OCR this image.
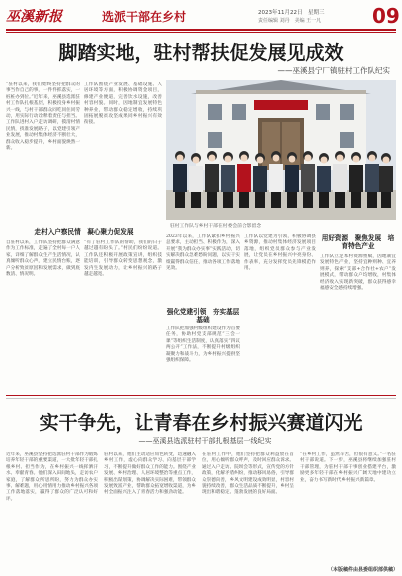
巫溪新报	选派干部在乡村	2023年11月22日　星期三
责任编辑 刘丹　美编 王一凡	09
脚踏实地，驻村帮扶促发展见成效
——巫溪县宁厂镇驻村工作队纪实
驻村工作队与乡村干部在村委会前合影留念
“驻村以来，我们始终坚持把群众的事当作自己的事，一件件抓落实，一桩桩办到位。”近年来，巫溪县选派驻村工作队扎根基层，积极投身乡村振兴一线，与村干部群众同吃同住同劳动，用实际行动诠释着责任与担当。工作队进村入户走访调研，摸清村情民情，找准发展路子，以党建引领产业发展，推动村集体经济不断壮大，群众收入稳步提升，乡村面貌焕然一新。
工作队围绕产业发展、基础设施、人居环境等方面，积极协调资金项目，修建产业便道，完善饮水设施，改善村容村貌。同时，因地制宜发展特色种养业，带动群众稳定增收，持续巩固拓展脱贫攻坚成果同乡村振兴有效衔接。
走村入户察民情　凝心聚力促发展
自驻村以来，工作队坚持把群众满意作为工作标准，走遍了全村每一户人家，详细了解群众生产生活情况，认真倾听群众心声，建立民情台账，逐户分析致贫原因和发展需求，做到底数清、情况明。
“有了驻村工作队的帮助，我们的日子越过越有盼头了。”村民们纷纷说道。工作队还积极开展政策宣讲，组织技能培训，引导群众转变思想观念，激发内生发展动力，让乡村振兴的路子越走越宽。
2023年以来，工作队紧扣乡村振兴总要求，主动担当、积极作为，深入开展“我为群众办实事”实践活动，切实解决群众急难愁盼问题，以实干实绩赢得群众信任，推动各项工作落地见效。
强化党建引领　夯实基层基础
工作队把加强村级组织建设作为首要任务，协助村党支部规范“三会一课”等组织生活制度，认真落实“四议两公开”工作法，不断提升村级组织凝聚力和战斗力，为乡村振兴提供坚强组织保障。
工作队以党建为引领，积极协调县乡资源，推动村集体经济发展项目落地，组织党员群众参与产业发展，让党员在乡村振兴中亮身份、作表率，充分发挥党员先锋模范作用。
用好资源　聚焦发展　培育特色产业
工作队立足本村资源禀赋，因地制宜发展特色产业，坚持宜种则种、宜养则养，探索“支部+合作社+农户”发展模式，带动群众户均增收，村集体经济收入实现新突破，群众获得感幸福感安全感持续增强。
实干争先，让青春在乡村振兴赛道闪光
——巫溪县选派驻村干部扎根基层一线纪实
近年来，巫溪县坚持把选派驻村干部作为锻炼培养年轻干部的重要渠道，一大批年轻干部扎根乡村、担当作为，在乡村振兴一线挥洒汗水、奉献青春。他们深入田间地头，走访农户家庭，了解群众所思所盼，努力为群众办实事、解难题，用心用情用力推动乡村振兴各项工作落地落实，赢得了群众的广泛认可和好评。
驻村以来，他们主动适应角色转变，迅速融入乡村工作，虚心向群众学习、向基层干部学习，不断提升做好群众工作的能力。围绕产业发展、乡村治理、人居环境整治等重点工作，积极出谋划策，协调解决实际困难，带领群众发展致富产业，帮助群众拓宽增收渠道，为乡村全面振兴注入了青春活力和强劲动能。
在驻村工作中，他们坚持把群众利益放在首位，用心倾听群众呼声，及时回应群众诉求。通过入户走访、院坝会等形式，宣传党的方针政策，化解矛盾纠纷，推动移风易俗，引导群众崇德向善，乡风文明建设成效明显，村容村貌持续改善，群众生活品质不断提升，乡村呈现出和谐稳定、蓬勃发展的良好局面。
“在乡村工作，虽然辛苦，但很有意义。”一名驻村干部说道。下一步，巫溪县将继续加强驻村干部管理，为驻村干部干事创业搭建平台，激励更多年轻干部在乡村振兴广阔天地中建功立业，奋力书写新时代乡村振兴新篇章。
（本版稿件由县委组织部供稿）
